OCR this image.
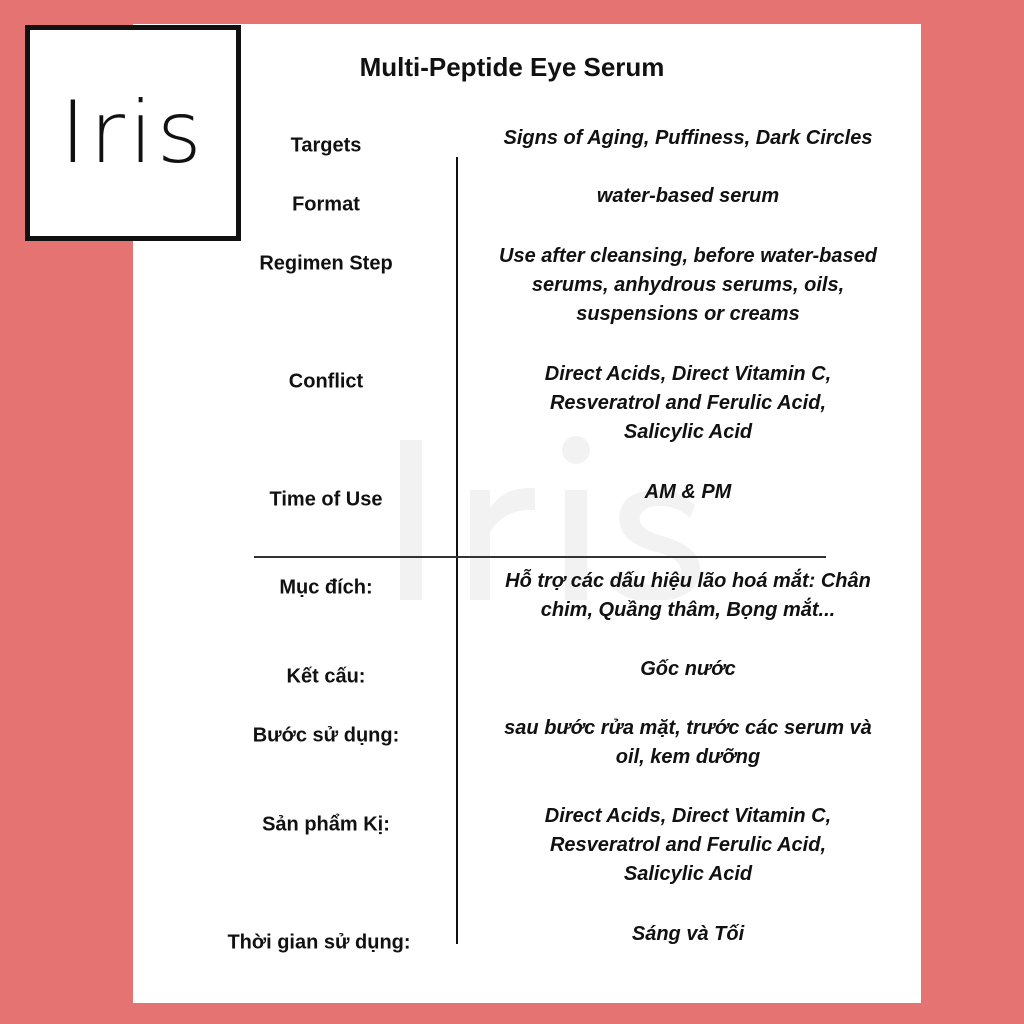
Iris
Multi-Peptide Eye Serum
Targets	Signs of Aging, Puffiness, Dark Circles
Format	water-based serum
Regimen Step	Use after cleansing, before water-based serums, anhydrous serums, oils, suspensions or creams
Conflict	Direct Acids, Direct Vitamin C, Resveratrol and Ferulic Acid, Salicylic Acid
Time of Use	AM & PM
Mục đích:	Hỗ trợ các dấu hiệu lão hoá mắt: Chân chim, Quầng thâm, Bọng mắt...
Kết cấu:	Gốc nước
Bước sử dụng:	sau bước rửa mặt, trước các serum và oil, kem dưỡng
Sản phẩm Kị:	Direct Acids, Direct Vitamin C, Resveratrol and Ferulic Acid, Salicylic Acid
Thời gian sử dụng:	Sáng và Tối
